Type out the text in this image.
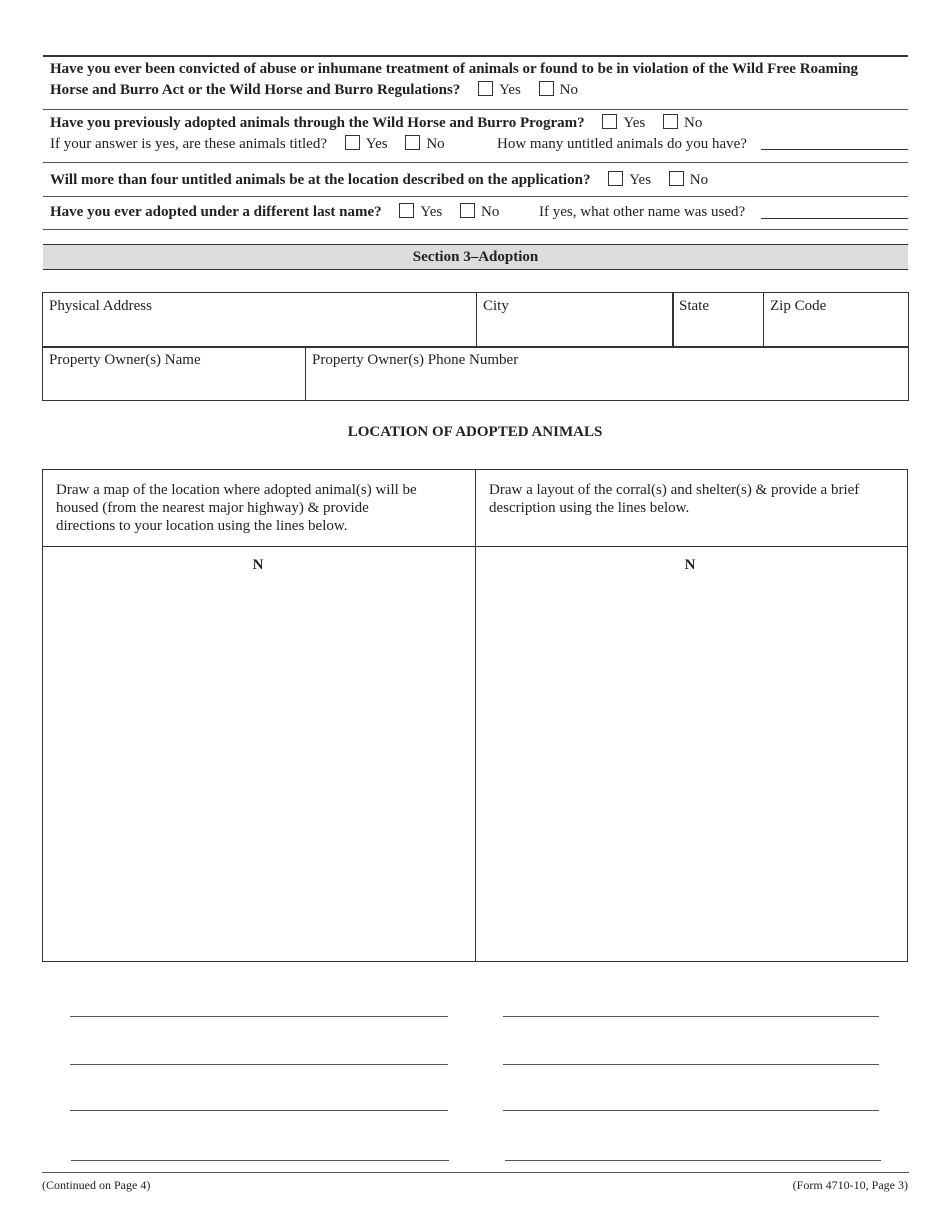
Have you ever been convicted of abuse or inhumane treatment of animals or found to be in violation of the Wild Free Roaming
Horse and Burro Act or the Wild Horse and Burro Regulations?	Yes	No
Have you previously adopted animals through the Wild Horse and Burro Program?	Yes	No
If your answer is yes, are these animals titled?	Yes	No	How many untitled animals do you have?
Will more than four untitled animals be at the location described on the application?	Yes	No
Have you ever adopted under a different last name?	Yes	No	If yes, what other name was used?
Section 3–Adoption
Physical Address	City	State	Zip Code
Property Owner(s) Name	Property Owner(s) Phone Number
LOCATION OF ADOPTED ANIMALS
Draw a map of the location where adopted animal(s) will be housed (from the nearest major highway) & provide directions to your location using the lines below.
Draw a layout of the corral(s) and shelter(s) & provide a brief description using the lines below.
N	N
(Continued on Page 4)	(Form 4710-10, Page 3)
